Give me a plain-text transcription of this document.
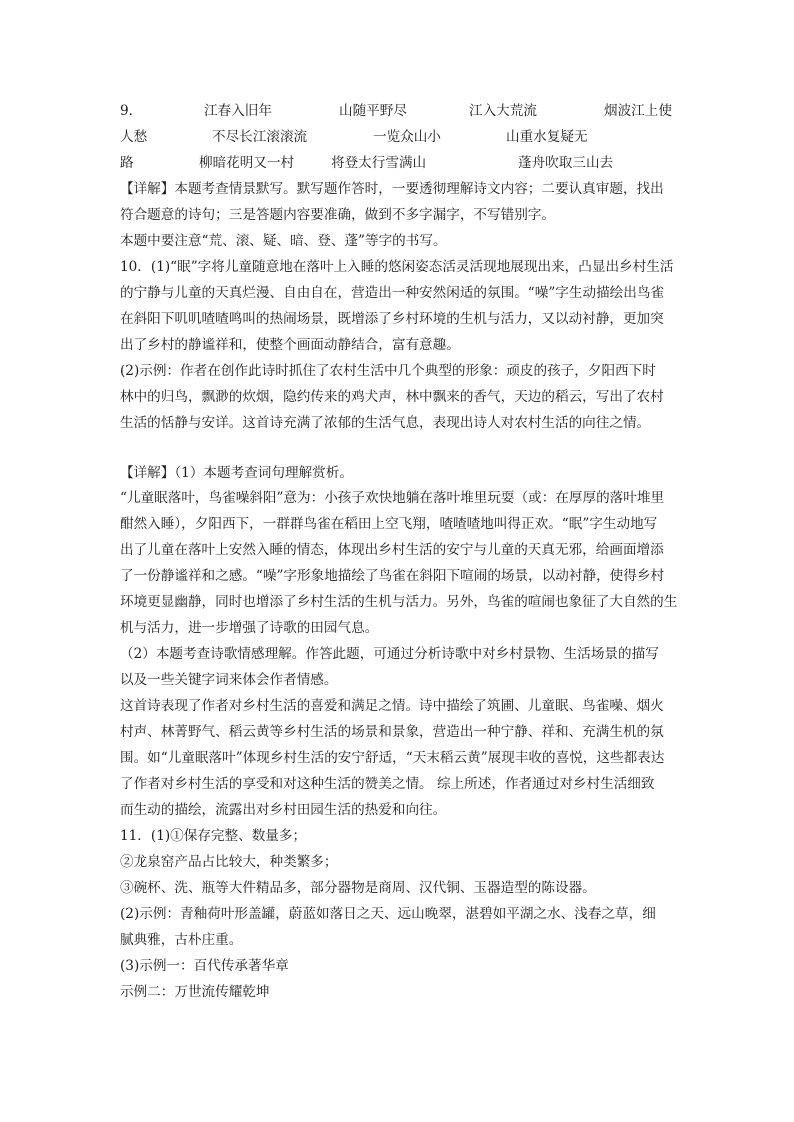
9．	江春入旧年	山随平野尽	江入大荒流	烟波江上使
人愁	不尽长江滚滚流	一览众山小	山重水复疑无
路	柳暗花明又一村	将登太行雪满山	蓬舟吹取三山去
【详解】本题考查情景默写。默写题作答时，一要透彻理解诗文内容；二要认真审题，找出
符合题意的诗句；三是答题内容要准确，做到不多字漏字，不写错别字。
本题中要注意“荒、滚、疑、暗、登、蓬”等字的书写。
10．(1)“眠”字将儿童随意地在落叶上入睡的悠闲姿态活灵活现地展现出来，凸显出乡村生活
的宁静与儿童的天真烂漫、自由自在，营造出一种安然闲适的氛围。“噪”字生动描绘出鸟雀
在斜阳下叽叽喳喳鸣叫的热闹场景，既增添了乡村环境的生机与活力，又以动衬静，更加突
出了乡村的静谧祥和，使整个画面动静结合，富有意趣。
(2)示例：作者在创作此诗时抓住了农村生活中几个典型的形象：顽皮的孩子，夕阳西下时
林中的归鸟，飘渺的炊烟，隐约传来的鸡犬声，林中飘来的香气，天边的稻云，写出了农村
生活的恬静与安详。这首诗充满了浓郁的生活气息，表现出诗人对农村生活的向往之情。
【详解】（1）本题考查词句理解赏析。
“儿童眠落叶，鸟雀噪斜阳”意为：小孩子欢快地躺在落叶堆里玩耍（或：在厚厚的落叶堆里
酣然入睡），夕阳西下，一群群鸟雀在稻田上空飞翔，喳喳喳地叫得正欢。“眠”字生动地写
出了儿童在落叶上安然入睡的情态，体现出乡村生活的安宁与儿童的天真无邪，给画面增添
了一份静谧祥和之感。“噪”字形象地描绘了鸟雀在斜阳下喧闹的场景，以动衬静，使得乡村
环境更显幽静，同时也增添了乡村生活的生机与活力。另外，鸟雀的喧闹也象征了大自然的生
机与活力，进一步增强了诗歌的田园气息。
（2）本题考查诗歌情感理解。作答此题，可通过分析诗歌中对乡村景物、生活场景的描写
以及一些关键字词来体会作者情感。
这首诗表现了作者对乡村生活的喜爱和满足之情。诗中描绘了筑圃、儿童眠、鸟雀噪、烟火
村声、林菁野气、稻云黄等乡村生活的场景和景象，营造出一种宁静、祥和、充满生机的氛
围。如“儿童眠落叶”体现乡村生活的安宁舒适，“天末稻云黄”展现丰收的喜悦，这些都表达
了作者对乡村生活的享受和对这种生活的赞美之情。 综上所述，作者通过对乡村生活细致
而生动的描绘，流露出对乡村田园生活的热爱和向往。
11．(1)①保存完整、数量多；
②龙泉窑产品占比较大，种类繁多；
③碗杯、洗、瓶等大件精品多，部分器物是商周、汉代铜、玉器造型的陈设器。
(2)示例：青釉荷叶形盖罐，蔚蓝如落日之天、远山晚翠，湛碧如平湖之水、浅春之草，细
腻典雅，古朴庄重。
(3)示例一：百代传承著华章
示例二：万世流传耀乾坤
